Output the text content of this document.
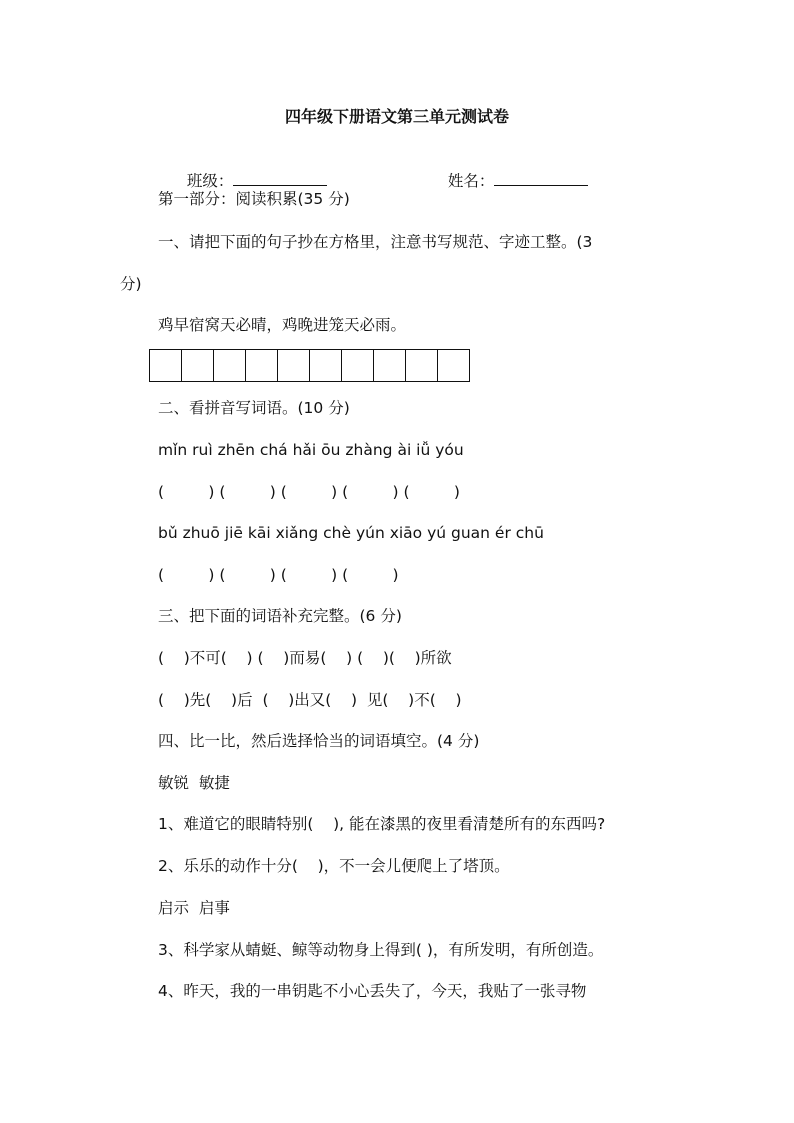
四年级下册语文第三单元测试卷

班级：	姓名：

第一部分：阅读积累(35 分)
一、请把下面的句子抄在方格里，注意书写规范、字迹工整。(3
分)
鸡早宿窝天必晴，鸡晚进笼天必雨。
二、看拼音写词语。(10 分)
mǐn ruì zhēn chá hǎi ōu zhàng ài iǚ yóu
(         ) (         ) (         ) (         ) (         )
bǔ zhuō jiē kāi xiǎng chè yún xiāo yú guan ér chū
(         ) (         ) (         ) (         )
三、把下面的词语补充完整。(6 分)
(    )不可(    ) (    )而易(    ) (    )(    )所欲
(    )先(    )后  (    )出又(    )  见(    )不(    )
四、比一比，然后选择恰当的词语填空。(4 分)
敏锐  敏捷
1、难道它的眼睛特别(    ), 能在漆黑的夜里看清楚所有的东西吗?
2、乐乐的动作十分(    )，不一会儿便爬上了塔顶。
启示  启事
3、科学家从蜻蜓、鲸等动物身上得到( )，有所发明，有所创造。
4、昨天，我的一串钥匙不小心丢失了，今天，我贴了一张寻物
